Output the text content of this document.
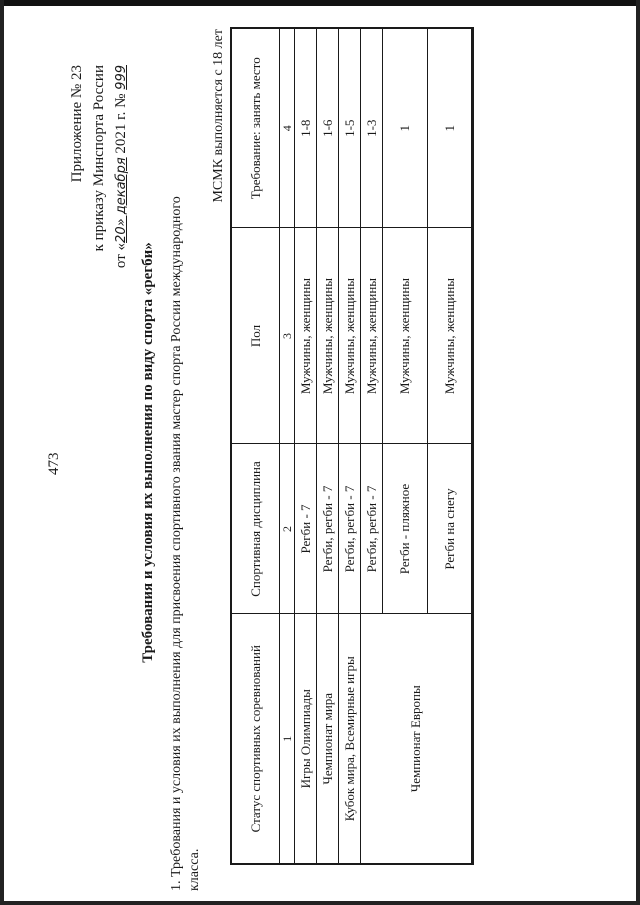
473
Приложение № 23 к приказу Минспорта России
от «20» декабря 2021 г. № 999
Требования и условия их выполнения по виду спорта «регби» 1. Требования и условия их выполнения для присвоения спортивного звания мастер спорта России международного класса.
МСМК выполняется с 18 лет
Статус спортивных соревнований	Спортивная дисциплина	Пол	Требование: занять место
1	2	3	4
Игры Олимпиады	Регби - 7	Мужчины, женщины	1-8
Чемпионат мира	Регби, регби - 7	Мужчины, женщины	1-6
Кубок мира, Всемирные игры	Регби, регби - 7	Мужчины, женщины	1-5
Чемпионат Европы	Регби, регби - 7	Мужчины, женщины	1-3
	Регби - пляжное	Мужчины, женщины	1
	Регби на снегу	Мужчины, женщины	1
